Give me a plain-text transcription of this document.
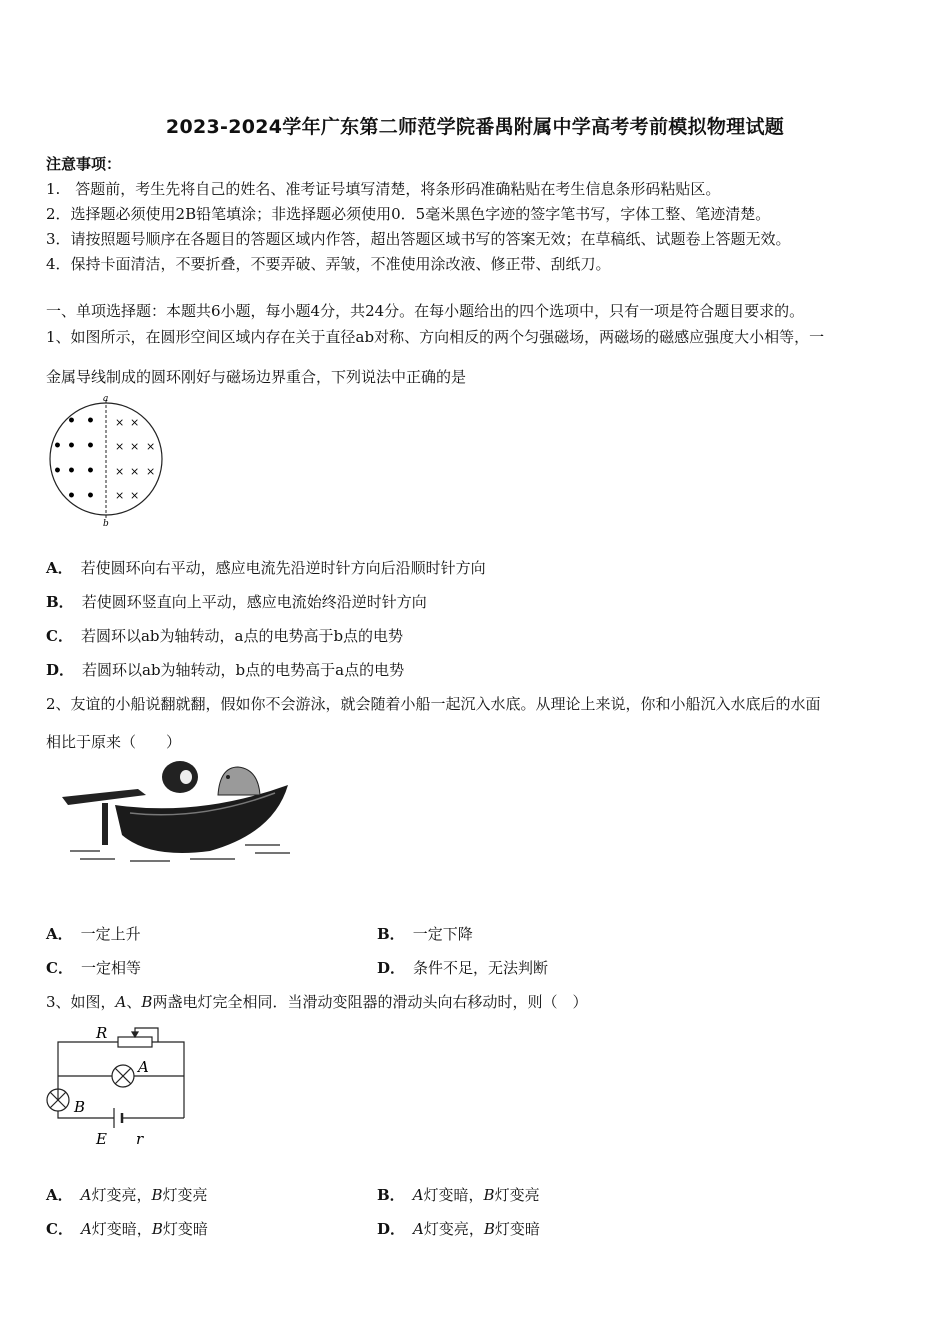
2023-2024学年广东第二师范学院番禺附属中学高考考前模拟物理试题
注意事项：
1.　答题前，考生先将自己的姓名、准考证号填写清楚，将条形码准确粘贴在考生信息条形码粘贴区。
2．选择题必须使用2B铅笔填涂；非选择题必须使用0．5毫米黑色字迹的签字笔书写，字体工整、笔迹清楚。
3．请按照题号顺序在各题目的答题区域内作答，超出答题区域书写的答案无效；在草稿纸、试题卷上答题无效。
4．保持卡面清洁，不要折叠，不要弄破、弄皱，不准使用涂改液、修正带、刮纸刀。
一、单项选择题：本题共6小题，每小题4分，共24分。在每小题给出的四个选项中，只有一项是符合题目要求的。
1、如图所示，在圆形空间区域内存在关于直径ab对称、方向相反的两个匀强磁场，两磁场的磁感应强度大小相等，一
金属导线制成的圆环刚好与磁场边界重合，下列说法中正确的是
a
b
• •
• • •
• • •
• •
× ×
× × ×
× × ×
× ×
A． 若使圆环向右平动，感应电流先沿逆时针方向后沿顺时针方向
B． 若使圆环竖直向上平动，感应电流始终沿逆时针方向
C． 若圆环以ab为轴转动，a点的电势高于b点的电势
D． 若圆环以ab为轴转动，b点的电势高于a点的电势
2、友谊的小船说翻就翻，假如你不会游泳，就会随着小船一起沉入水底。从理论上来说，你和小船沉入水底后的水面
相比于原来（　　）
A． 一定上升	B． 一定下降
C． 一定相等	D． 条件不足，无法判断
3、如图，A、B两盏电灯完全相同．当滑动变阻器的滑动头向右移动时，则（　）
R
A
B
E r
A． A灯变亮，B灯变亮	B． A灯变暗，B灯变亮
C． A灯变暗，B灯变暗	D． A灯变亮，B灯变暗
